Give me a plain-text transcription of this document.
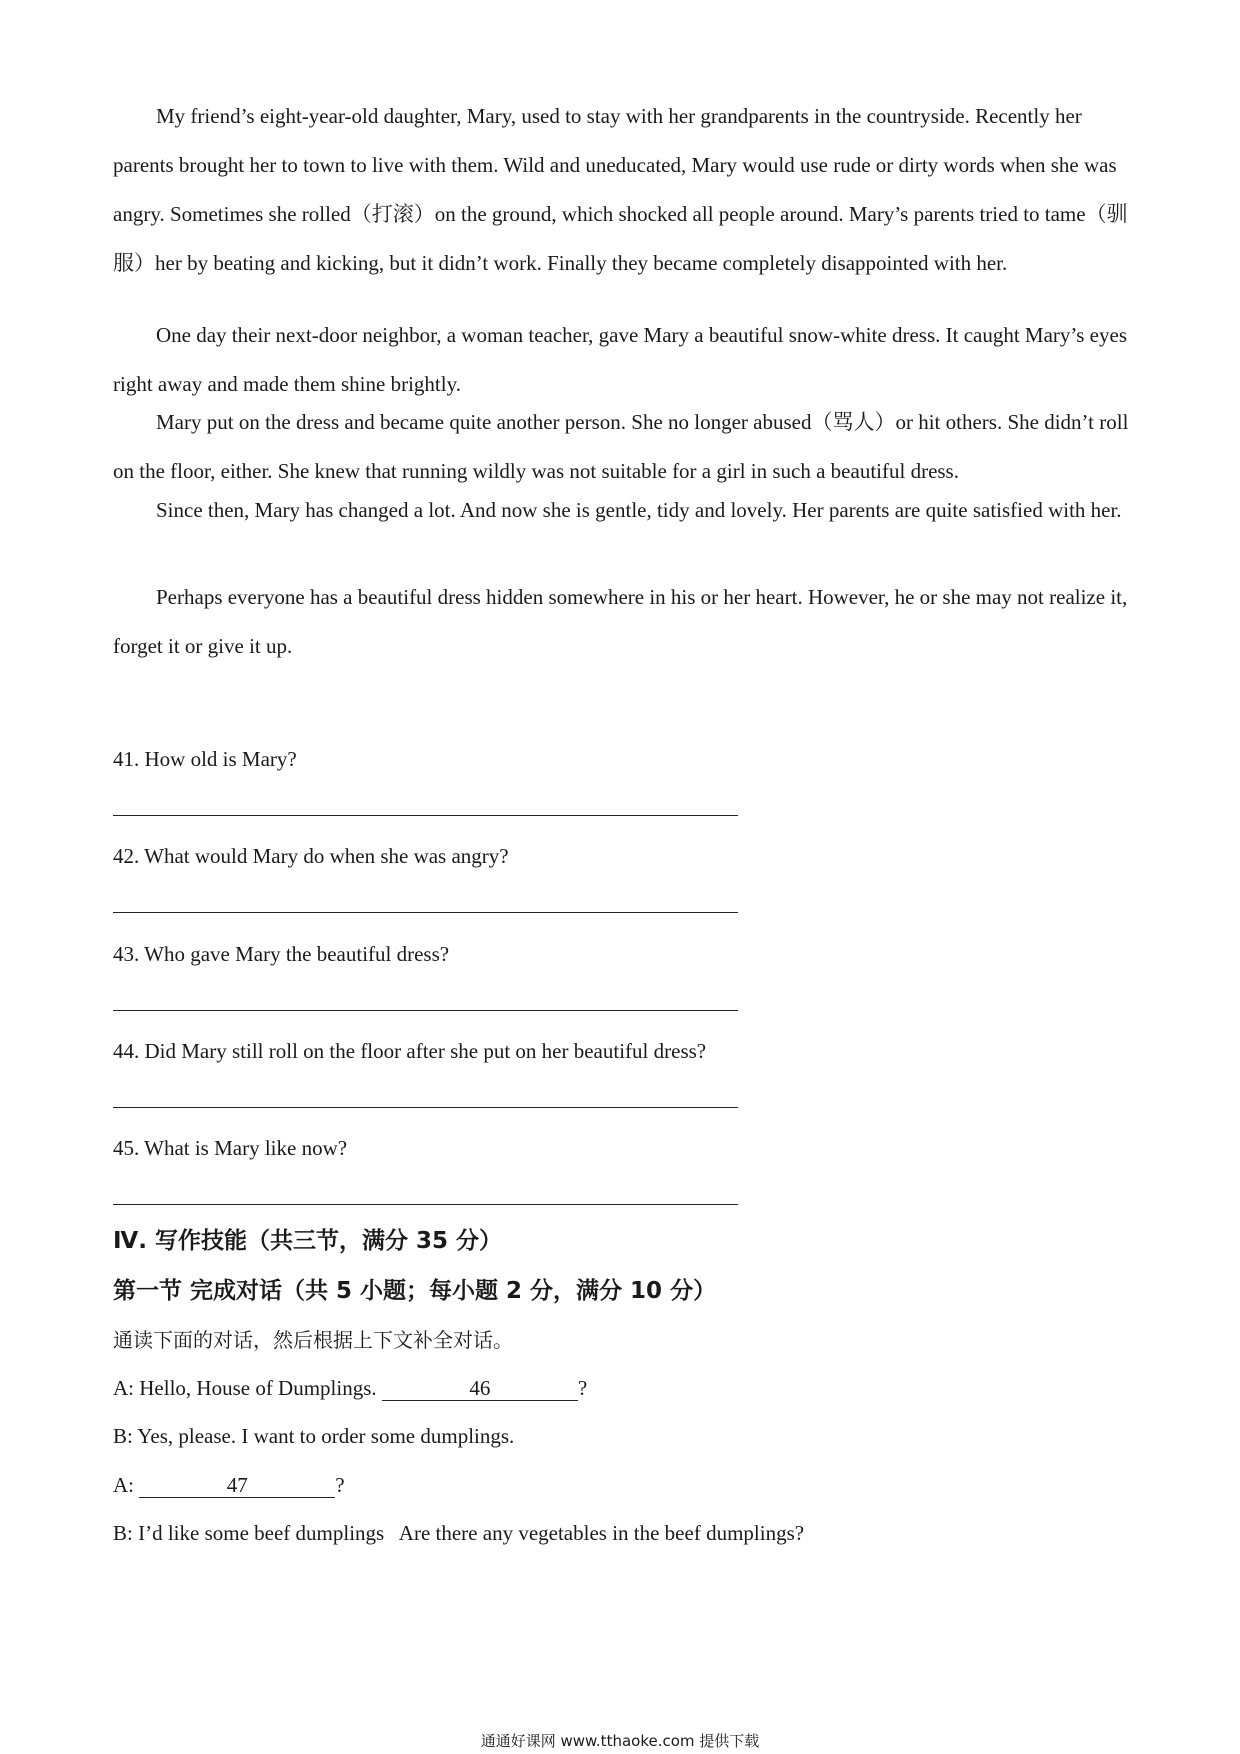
My friend’s eight-year-old daughter, Mary, used to stay with her grandparents in the countryside. Recently her parents brought her to town to live with them. Wild and uneducated, Mary would use rude or dirty words when she was angry. Sometimes she rolled（打滚）on the ground, which shocked all people around. Mary’s parents tried to tame（驯服）her by beating and kicking, but it didn’t work. Finally they became completely disappointed with her.

One day their next-door neighbor, a woman teacher, gave Mary a beautiful snow-white dress. It caught Mary’s eyes right away and made them shine brightly.

Mary put on the dress and became quite another person. She no longer abused（骂人）or hit others. She didn’t roll on the floor, either. She knew that running wildly was not suitable for a girl in such a beautiful dress.

Since then, Mary has changed a lot. And now she is gentle, tidy and lovely. Her parents are quite satisfied with her.

Perhaps everyone has a beautiful dress hidden somewhere in his or her heart. However, he or she may not realize it, forget it or give it up.

41. How old is Mary?

42. What would Mary do when she was angry?

43. Who gave Mary the beautiful dress?

44. Did Mary still roll on the floor after she put on her beautiful dress?

45. What is Mary like now?

Ⅳ. 写作技能（共三节，满分 35 分）

第一节 完成对话（共 5 小题；每小题 2 分，满分 10 分）

通读下面的对话，然后根据上下文补全对话。

A: Hello, House of Dumplings.	46	?

B: Yes, please. I want to order some dumplings.

A:	47	?

B: I’d like some beef dumplings   Are there any vegetables in the beef dumplings?

通通好课网 www.tthaoke.com 提供下载
